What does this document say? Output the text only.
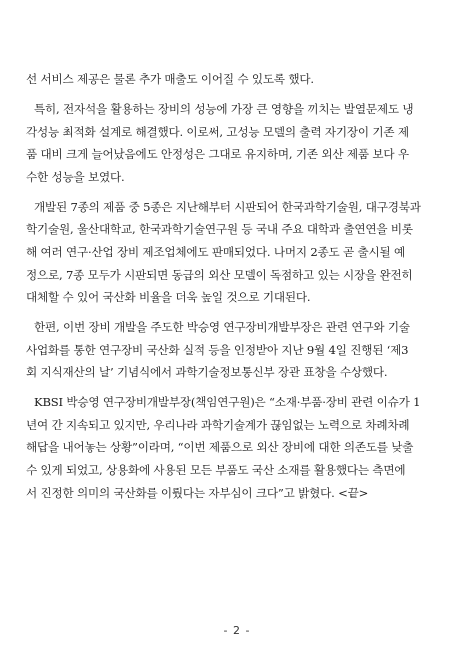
선 서비스 제공은 물론 추가 매출도 이어질 수 있도록 했다.
특히, 전자석을 활용하는 장비의 성능에 가장 큰 영향을 끼치는 발열문제도 냉
각성능 최적화 설계로 해결했다. 이로써, 고성능 모델의 출력 자기장이 기존 제
품 대비 크게 늘어났음에도 안정성은 그대로 유지하며, 기존 외산 제품 보다 우
수한 성능을 보였다.
개발된 7종의 제품 중 5종은 지난해부터 시판되어 한국과학기술원, 대구경북과
학기술원, 울산대학교, 한국과학기술연구원 등 국내 주요 대학과 출연연을 비롯
해 여러 연구·산업 장비 제조업체에도 판매되었다. 나머지 2종도 곧 출시될 예
정으로, 7종 모두가 시판되면 동급의 외산 모델이 독점하고 있는 시장을 완전히
대체할 수 있어 국산화 비율을 더욱 높일 것으로 기대된다.
한편, 이번 장비 개발을 주도한 박승영 연구장비개발부장은 관련 연구와 기술
사업화를 통한 연구장비 국산화 실적 등을 인정받아 지난 9월 4일 진행된 ‘제3
회 지식재산의 날’ 기념식에서 과학기술정보통신부 장관 표창을 수상했다.
KBSI 박승영 연구장비개발부장(책임연구원)은 “소재·부품·장비 관련 이슈가 1
년여 간 지속되고 있지만, 우리나라 과학기술계가 끊임없는 노력으로 차례차례
해답을 내어놓는 상황”이라며, “이번 제품으로 외산 장비에 대한 의존도를 낮출
수 있게 되었고, 상용화에 사용된 모든 부품도 국산 소재를 활용했다는 측면에
서 진정한 의미의 국산화를 이뤘다는 자부심이 크다”고 밝혔다. <끝>
- 2 -
